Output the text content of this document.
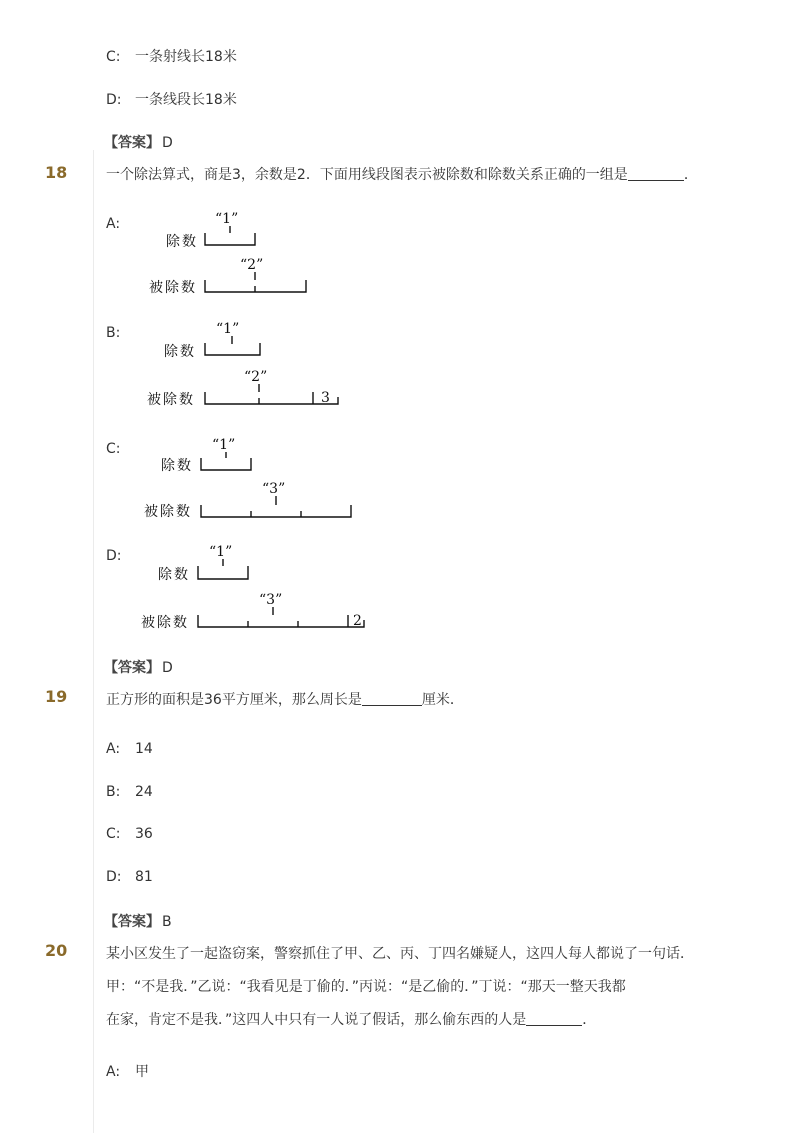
C: 一条射线长18米
D: 一条线段长18米
【答案】 D
18	一个除法算式，商是3，余数是2．下面用线段图表示被除数和除数关系正确的一组是	．
A:	“1”
除数
“2”
被除数
B:	“1”
除数
“2”
被除数	3
C:	“1”
除数
“3”
被除数
D:	“1”
除数
“3”
被除数	2
【答案】 D
19	正方形的面积是36平方厘米，那么周长是	厘米．
A: 14
B: 24
C: 36
D: 81
【答案】 B
20	某小区发生了一起盗窃案，警察抓住了甲、乙、丙、丁四名嫌疑人，这四人每人都说了一句话．
甲：“不是我．”乙说：“我看见是丁偷的．”丙说：“是乙偷的．”丁说：“那天一整天我都
在家，肯定不是我．”这四人中只有一人说了假话，那么偷东西的人是	．
A: 甲
